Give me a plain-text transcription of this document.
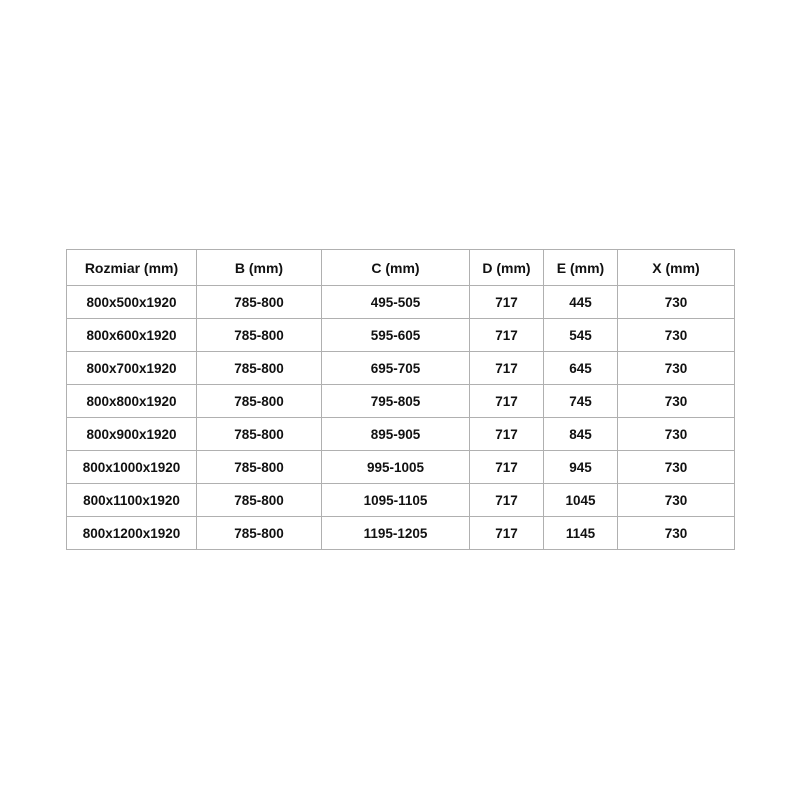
Rozmiar (mm)	B (mm)	C (mm)	D (mm)	E (mm)	X (mm)
800x500x1920	785-800	495-505	717	445	730
800x600x1920	785-800	595-605	717	545	730
800x700x1920	785-800	695-705	717	645	730
800x800x1920	785-800	795-805	717	745	730
800x900x1920	785-800	895-905	717	845	730
800x1000x1920	785-800	995-1005	717	945	730
800x1100x1920	785-800	1095-1105	717	1045	730
800x1200x1920	785-800	1195-1205	717	1145	730
